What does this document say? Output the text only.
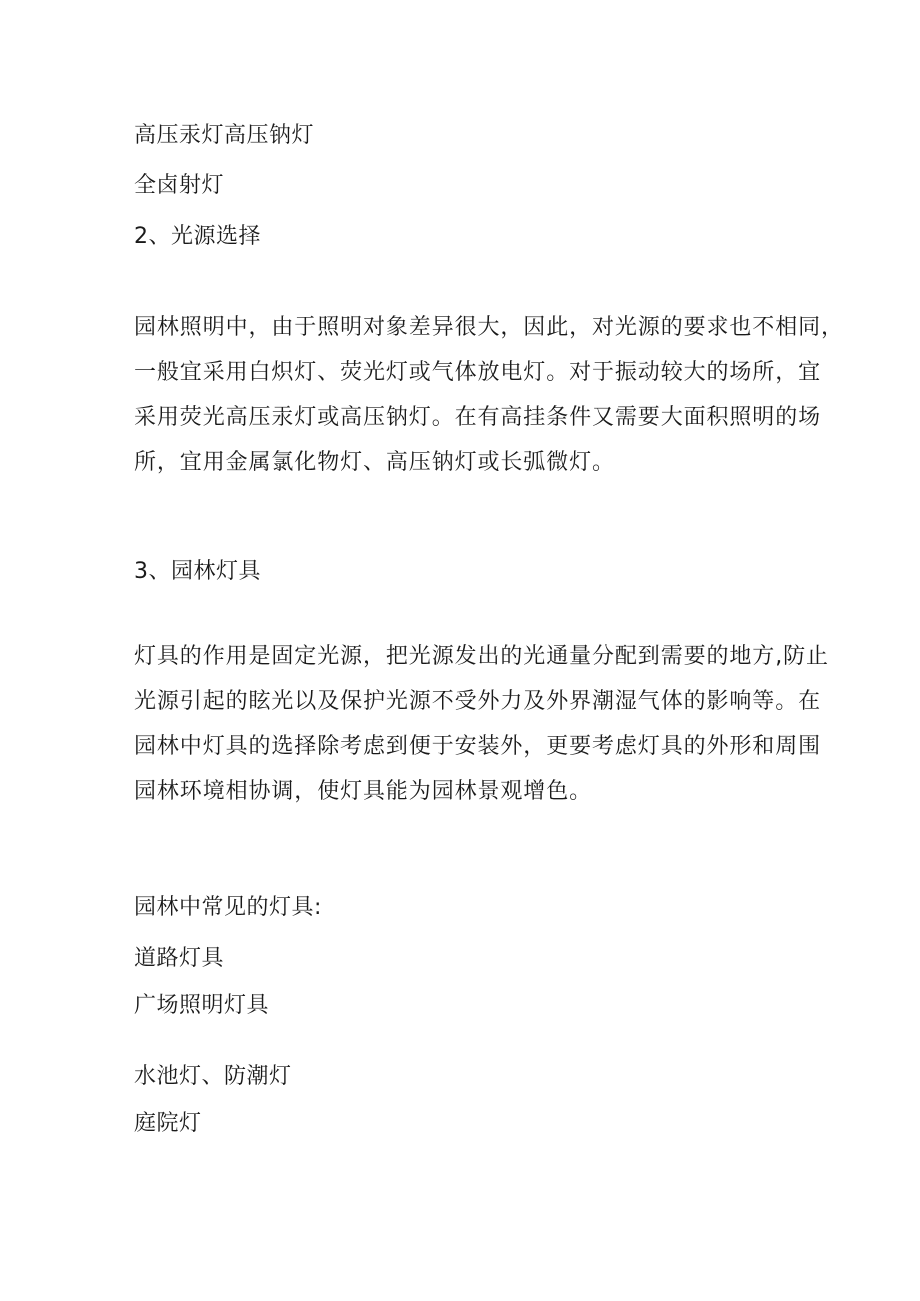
高压汞灯高压钠灯
全卤射灯
2、光源选择
园林照明中，由于照明对象差异很大，因此，对光源的要求也不相同，
一般宜采用白炽灯、荧光灯或气体放电灯。对于振动较大的场所，宜
采用荧光高压汞灯或高压钠灯。在有高挂条件又需要大面积照明的场
所，宜用金属氯化物灯、高压钠灯或长弧微灯。
3、园林灯具
灯具的作用是固定光源，把光源发出的光通量分配到需要的地方,防止
光源引起的眩光以及保护光源不受外力及外界潮湿气体的影响等。在
园林中灯具的选择除考虑到便于安装外，更要考虑灯具的外形和周围
园林环境相协调，使灯具能为园林景观增色。
园林中常见的灯具:
道路灯具
广场照明灯具
水池灯、防潮灯
庭院灯
